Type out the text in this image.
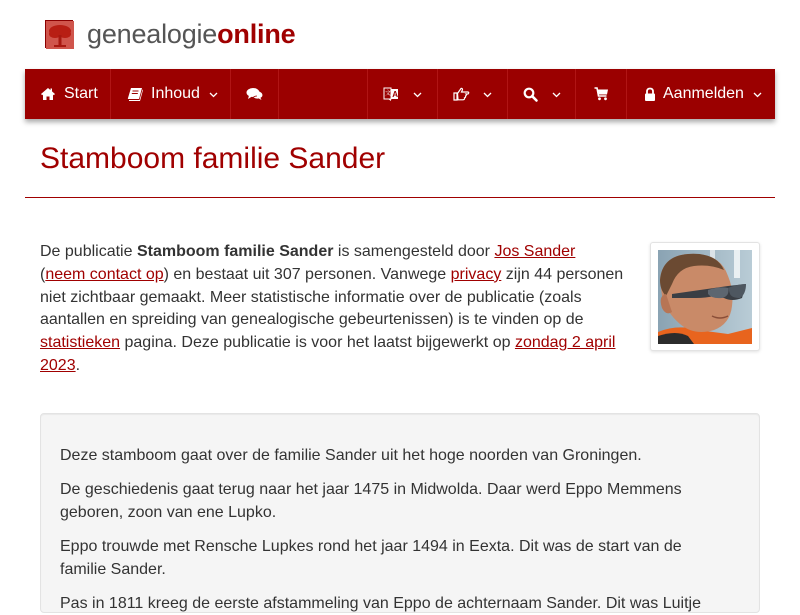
genealogieonline
Start	Inhoud	A
文	Aanmelden
Stamboom familie Sander

De publicatie Stamboom familie Sander is samengesteld door Jos Sander
(neem contact op) en bestaat uit 307 personen. Vanwege privacy zijn 44 personen niet zichtbaar gemaakt. Meer statistische informatie over de publicatie (zoals aantallen en spreiding van genealogische gebeurtenissen) is te vinden op de statistieken pagina. Deze publicatie is voor het laatst bijgewerkt op zondag 2 april 2023.

Deze stamboom gaat over de familie Sander uit het hoge noorden van Groningen.

De geschiedenis gaat terug naar het jaar 1475 in Midwolda. Daar werd Eppo Memmens geboren, zoon van ene Lupko.

Eppo trouwde met Rensche Lupkes rond het jaar 1494 in Eexta. Dit was de start van de familie Sander.

Pas in 1811 kreeg de eerste afstammeling van Eppo de achternaam Sander. Dit was Luitje
